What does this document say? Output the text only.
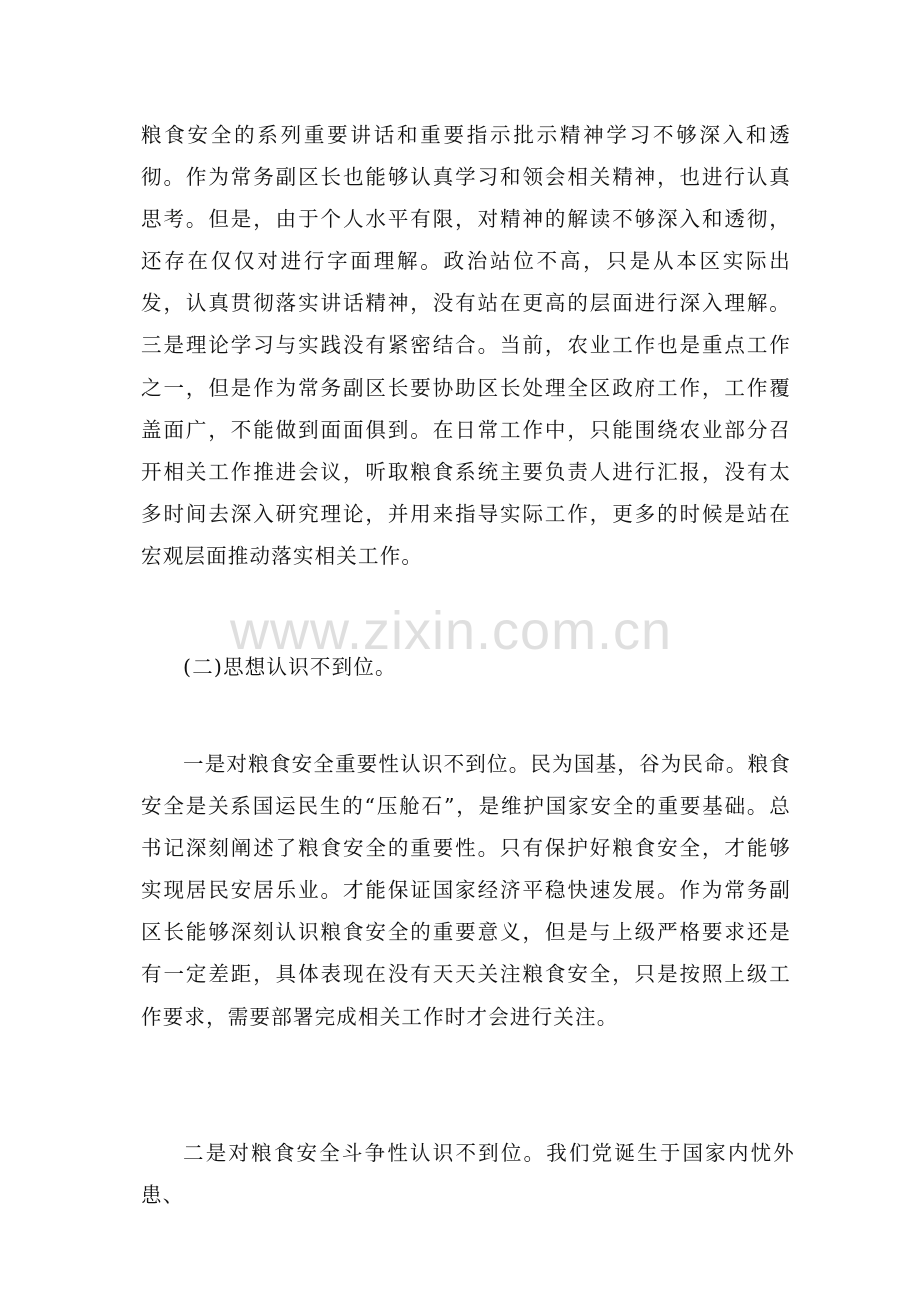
粮食安全的系列重要讲话和重要指示批示精神学习不够深入和透彻。作为常务副区长也能够认真学习和领会相关精神，也进行认真思考。但是，由于个人水平有限，对精神的解读不够深入和透彻，还存在仅仅对进行字面理解。政治站位不高，只是从本区实际出发，认真贯彻落实讲话精神，没有站在更高的层面进行深入理解。三是理论学习与实践没有紧密结合。当前，农业工作也是重点工作之一，但是作为常务副区长要协助区长处理全区政府工作，工作覆盖面广，不能做到面面俱到。在日常工作中，只能围绕农业部分召开相关工作推进会议，听取粮食系统主要负责人进行汇报，没有太多时间去深入研究理论，并用来指导实际工作，更多的时候是站在宏观层面推动落实相关工作。

www.zixin.com.cn
(二)思想认识不到位。

一是对粮食安全重要性认识不到位。民为国基，谷为民命。粮食安全是关系国运民生的“压舱石”，是维护国家安全的重要基础。总书记深刻阐述了粮食安全的重要性。只有保护好粮食安全，才能够实现居民安居乐业。才能保证国家经济平稳快速发展。作为常务副区长能够深刻认识粮食安全的重要意义，但是与上级严格要求还是有一定差距，具体表现在没有天天关注粮食安全，只是按照上级工作要求，需要部署完成相关工作时才会进行关注。

二是对粮食安全斗争性认识不到位。我们党诞生于国家内忧外患、
